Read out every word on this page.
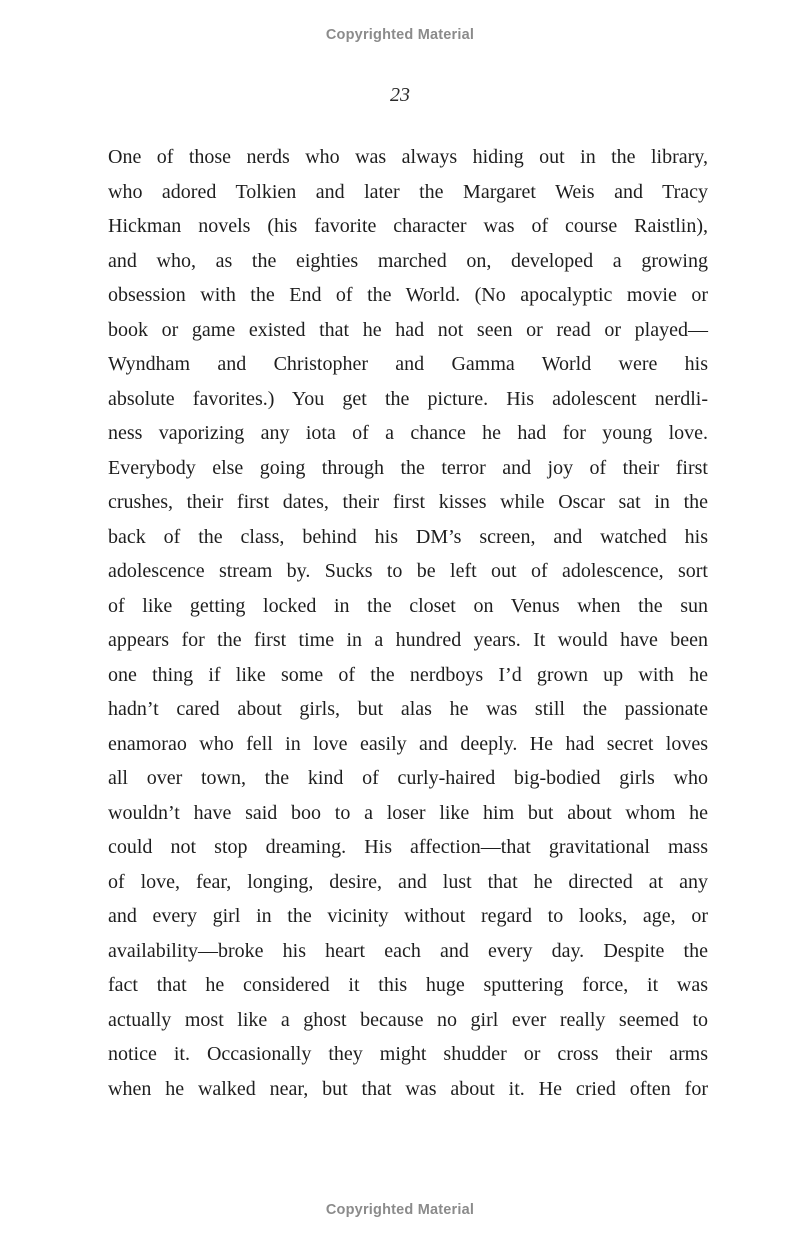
Copyrighted Material
23
One of those nerds who was always hiding out in the library,
who adored Tolkien and later the Margaret Weis and Tracy
Hickman novels (his favorite character was of course Raistlin),
and who, as the eighties marched on, developed a growing
obsession with the End of the World. (No apocalyptic movie or
book or game existed that he had not seen or read or played—
Wyndham and Christopher and Gamma World were his
absolute favorites.) You get the picture. His adolescent nerdli-
ness vaporizing any iota of a chance he had for young love.
Everybody else going through the terror and joy of their first
crushes, their first dates, their first kisses while Oscar sat in the
back of the class, behind his DM’s screen, and watched his
adolescence stream by. Sucks to be left out of adolescence, sort
of like getting locked in the closet on Venus when the sun
appears for the first time in a hundred years. It would have been
one thing if like some of the nerdboys I’d grown up with he
hadn’t cared about girls, but alas he was still the passionate
enamorao who fell in love easily and deeply. He had secret loves
all over town, the kind of curly-haired big-bodied girls who
wouldn’t have said boo to a loser like him but about whom he
could not stop dreaming. His affection—that gravitational mass
of love, fear, longing, desire, and lust that he directed at any
and every girl in the vicinity without regard to looks, age, or
availability—broke his heart each and every day. Despite the
fact that he considered it this huge sputtering force, it was
actually most like a ghost because no girl ever really seemed to
notice it. Occasionally they might shudder or cross their arms
when he walked near, but that was about it. He cried often for
Copyrighted Material
